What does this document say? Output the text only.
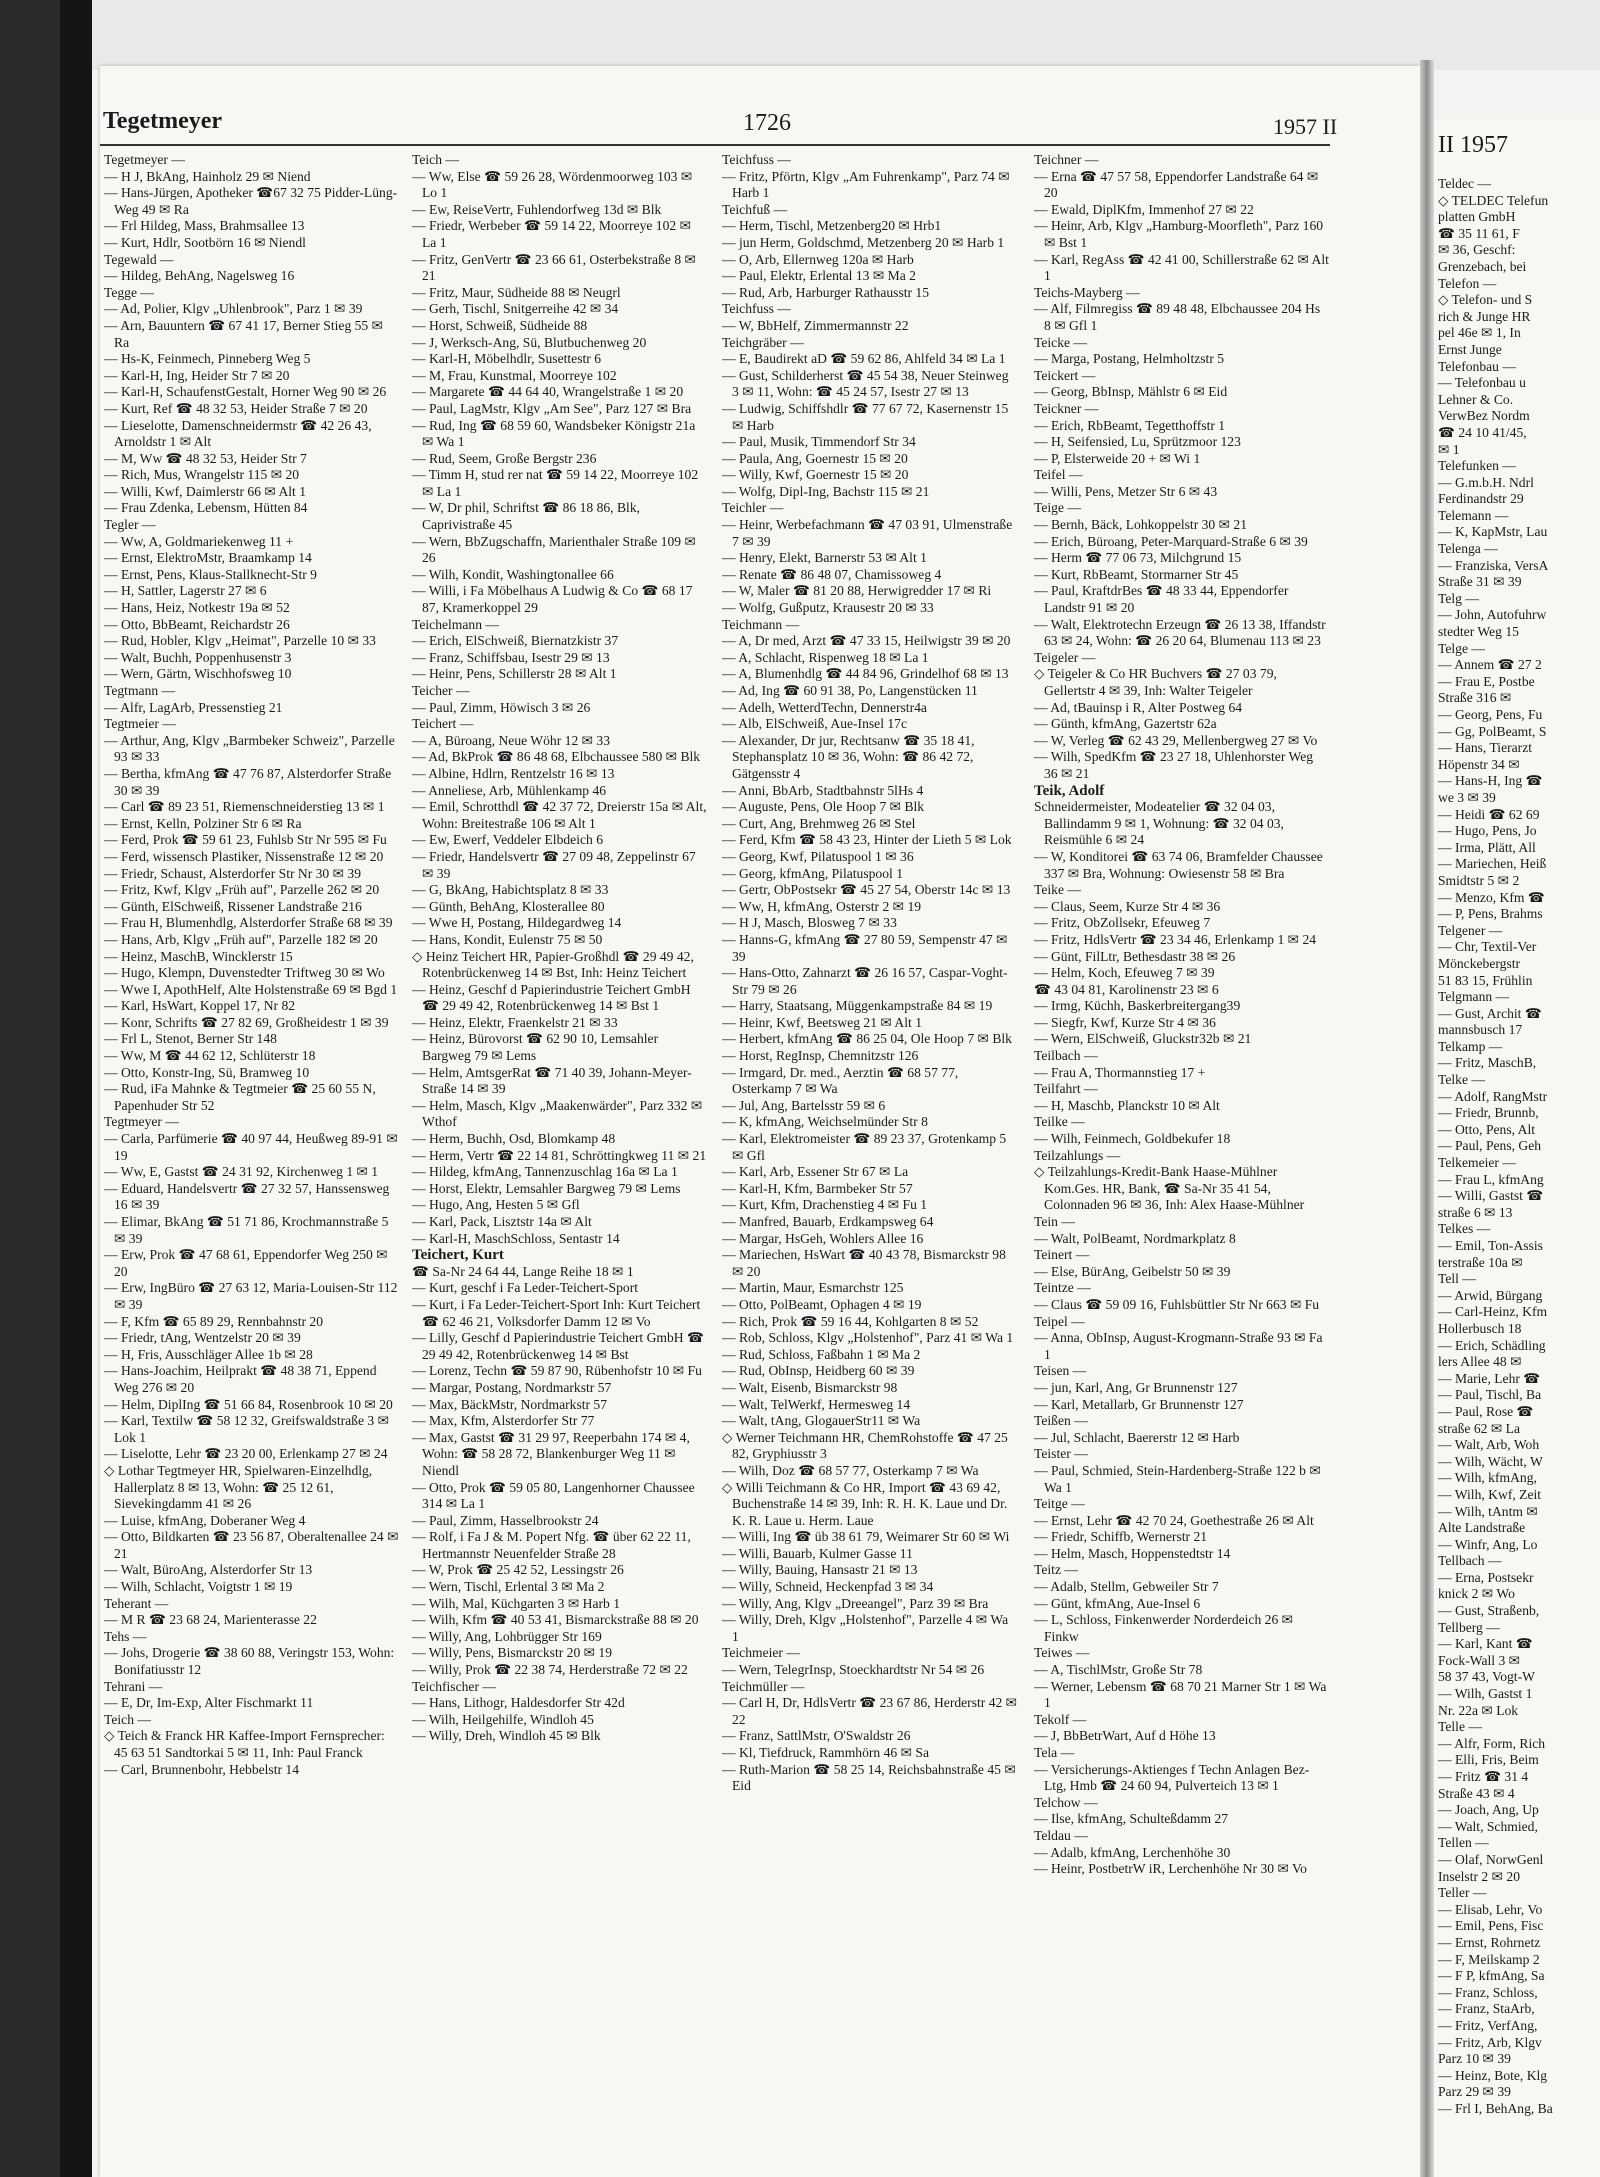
Tegetmeyer	1726	1957 II

Tegetmeyer —

— H J, BkAng, Hainholz 29 ✉ Niend

— Hans-Jürgen, Apotheker ☎67 32 75 Pidder-Lüng-Weg 49 ✉ Ra

— Frl Hildeg, Mass, Brahmsallee 13

— Kurt, Hdlr, Sootbörn 16 ✉ Niendl

Tegewald —

— Hildeg, BehAng, Nagelsweg 16

Tegge —

— Ad, Polier, Klgv „Uhlenbrook", Parz 1 ✉ 39

— Arn, Bauuntern ☎ 67 41 17, Berner Stieg 55 ✉ Ra

— Hs-K, Feinmech, Pinneberg Weg 5

— Karl-H, Ing, Heider Str 7 ✉ 20

— Karl-H, SchaufenstGestalt, Horner Weg 90 ✉ 26

— Kurt, Ref ☎ 48 32 53, Heider Straße 7 ✉ 20

— Lieselotte, Damenschneidermstr ☎ 42 26 43, Arnoldstr 1 ✉ Alt

— M, Ww ☎ 48 32 53, Heider Str 7

— Rich, Mus, Wrangelstr 115 ✉ 20

— Willi, Kwf, Daimlerstr 66 ✉ Alt 1

— Frau Zdenka, Lebensm, Hütten 84

Tegler —

— Ww, A, Goldmariekenweg 11 +

— Ernst, ElektroMstr, Braamkamp 14

— Ernst, Pens, Klaus-Stallknecht-Str 9

— H, Sattler, Lagerstr 27 ✉ 6

— Hans, Heiz, Notkestr 19a ✉ 52

— Otto, BbBeamt, Reichardstr 26

— Rud, Hobler, Klgv „Heimat", Parzelle 10 ✉ 33

— Walt, Buchh, Poppenhusenstr 3

— Wern, Gärtn, Wischhofsweg 10

Tegtmann —

— Alfr, LagArb, Pressenstieg 21

Tegtmeier —

— Arthur, Ang, Klgv „Barmbeker Schweiz", Parzelle 93 ✉ 33

— Bertha, kfmAng ☎ 47 76 87, Alsterdorfer Straße 30 ✉ 39

— Carl ☎ 89 23 51, Riemenschneiderstieg 13 ✉ 1

— Ernst, Kelln, Polziner Str 6 ✉ Ra

— Ferd, Prok ☎ 59 61 23, Fuhlsb Str Nr 595 ✉ Fu

— Ferd, wissensch Plastiker, Nissenstraße 12 ✉ 20

— Friedr, Schaust, Alsterdorfer Str Nr 30 ✉ 39

— Fritz, Kwf, Klgv „Früh auf", Parzelle 262 ✉ 20

— Günth, ElSchweiß, Rissener Landstraße 216

— Frau H, Blumenhdlg, Alsterdorfer Straße 68 ✉ 39

— Hans, Arb, Klgv „Früh auf", Parzelle 182 ✉ 20

— Heinz, MaschB, Wincklerstr 15

— Hugo, Klempn, Duvenstedter Triftweg 30 ✉ Wo

— Wwe I, ApothHelf, Alte Holstenstraße 69 ✉ Bgd 1

— Karl, HsWart, Koppel 17, Nr 82

— Konr, Schrifts ☎ 27 82 69, Großheidestr 1 ✉ 39

— Frl L, Stenot, Berner Str 148

— Ww, M ☎ 44 62 12, Schlüterstr 18

— Otto, Konstr-Ing, Sü, Bramweg 10

— Rud, iFa Mahnke & Tegtmeier ☎ 25 60 55 N, Papenhuder Str 52

Tegtmeyer —

— Carla, Parfümerie ☎ 40 97 44, Heußweg 89-91 ✉ 19

— Ww, E, Gastst ☎ 24 31 92, Kirchenweg 1 ✉ 1

— Eduard, Handelsvertr ☎ 27 32 57, Hanssensweg 16 ✉ 39

— Elimar, BkAng ☎ 51 71 86, Krochmannstraße 5 ✉ 39

— Erw, Prok ☎ 47 68 61, Eppendorfer Weg 250 ✉ 20

— Erw, IngBüro ☎ 27 63 12, Maria-Louisen-Str 112 ✉ 39

— F, Kfm ☎ 65 89 29, Rennbahnstr 20

— Friedr, tAng, Wentzelstr 20 ✉ 39

— H, Fris, Ausschläger Allee 1b ✉ 28

— Hans-Joachim, Heilprakt ☎ 48 38 71, Eppend Weg 276 ✉ 20

— Helm, DiplIng ☎ 51 66 84, Rosenbrook 10 ✉ 20

— Karl, Textilw ☎ 58 12 32, Greifswaldstraße 3 ✉ Lok 1

— Liselotte, Lehr ☎ 23 20 00, Erlenkamp 27 ✉ 24

◇ Lothar Tegtmeyer HR, Spielwaren-Einzelhdlg, Hallerplatz 8 ✉ 13, Wohn: ☎ 25 12 61, Sievekingdamm 41 ✉ 26

— Luise, kfmAng, Doberaner Weg 4

— Otto, Bildkarten ☎ 23 56 87, Oberaltenallee 24 ✉ 21

— Walt, BüroAng, Alsterdorfer Str 13

— Wilh, Schlacht, Voigtstr 1 ✉ 19

Teherant —

— M R ☎ 23 68 24, Marienterasse 22

Tehs —

— Johs, Drogerie ☎ 38 60 88, Veringstr 153, Wohn: Bonifatiusstr 12

Tehrani —

— E, Dr, Im-Exp, Alter Fischmarkt 11

Teich —

◇ Teich & Franck HR Kaffee-Import Fernsprecher: 45 63 51 Sandtorkai 5 ✉ 11, Inh: Paul Franck

— Carl, Brunnenbohr, Hebbelstr 14

Teich —

— Ww, Else ☎ 59 26 28, Wördenmoorweg 103 ✉ Lo 1

— Ew, ReiseVertr, Fuhlendorfweg 13d ✉ Blk

— Friedr, Werbeber ☎ 59 14 22, Moorreye 102 ✉ La 1

— Fritz, GenVertr ☎ 23 66 61, Osterbekstraße 8 ✉ 21

— Fritz, Maur, Südheide 88 ✉ Neugrl

— Gerh, Tischl, Snitgerreihe 42 ✉ 34

— Horst, Schweiß, Südheide 88

— J, Werksch-Ang, Sü, Blutbuchenweg 20

— Karl-H, Möbelhdlr, Susettestr 6

— M, Frau, Kunstmal, Moorreye 102

— Margarete ☎ 44 64 40, Wrangelstraße 1 ✉ 20

— Paul, LagMstr, Klgv „Am See", Parz 127 ✉ Bra

— Rud, Ing ☎ 68 59 60, Wandsbeker Königstr 21a ✉ Wa 1

— Rud, Seem, Große Bergstr 236

— Timm H, stud rer nat ☎ 59 14 22, Moorreye 102 ✉ La 1

— W, Dr phil, Schriftst ☎ 86 18 86, Blk, Caprivistraße 45

— Wern, BbZugschaffn, Marienthaler Straße 109 ✉ 26

— Wilh, Kondit, Washingtonallee 66

— Willi, i Fa Möbelhaus A Ludwig & Co ☎ 68 17 87, Kramerkoppel 29

Teichelmann —

— Erich, ElSchweiß, Biernatzkistr 37

— Franz, Schiffsbau, Isestr 29 ✉ 13

— Heinr, Pens, Schillerstr 28 ✉ Alt 1

Teicher —

— Paul, Zimm, Höwisch 3 ✉ 26

Teichert —

— A, Büroang, Neue Wöhr 12 ✉ 33

— Ad, BkProk ☎ 86 48 68, Elbchaussee 580 ✉ Blk

— Albine, Hdlrn, Rentzelstr 16 ✉ 13

— Anneliese, Arb, Mühlenkamp 46

— Emil, Schrotthdl ☎ 42 37 72, Dreierstr 15a ✉ Alt, Wohn: Breitestraße 106 ✉ Alt 1

— Ew, Ewerf, Veddeler Elbdeich 6

— Friedr, Handelsvertr ☎ 27 09 48, Zeppelinstr 67 ✉ 39

— G, BkAng, Habichtsplatz 8 ✉ 33

— Günth, BehAng, Klosterallee 80

— Wwe H, Postang, Hildegardweg 14

— Hans, Kondit, Eulenstr 75 ✉ 50

◇ Heinz Teichert HR, Papier-Großhdl ☎ 29 49 42, Rotenbrückenweg 14 ✉ Bst, Inh: Heinz Teichert

— Heinz, Geschf d Papierindustrie Teichert GmbH ☎ 29 49 42, Rotenbrückenweg 14 ✉ Bst 1

— Heinz, Elektr, Fraenkelstr 21 ✉ 33

— Heinz, Bürovorst ☎ 62 90 10, Lemsahler Bargweg 79 ✉ Lems

— Helm, AmtsgerRat ☎ 71 40 39, Johann-Meyer-Straße 14 ✉ 39

— Helm, Masch, Klgv „Maakenwärder", Parz 332 ✉ Wthof

— Herm, Buchh, Osd, Blomkamp 48

— Herm, Vertr ☎ 22 14 81, Schröttingkweg 11 ✉ 21

— Hildeg, kfmAng, Tannenzuschlag 16a ✉ La 1

— Horst, Elektr, Lemsahler Bargweg 79 ✉ Lems

— Hugo, Ang, Hesten 5 ✉ Gfl

— Karl, Pack, Lisztstr 14a ✉ Alt

— Karl-H, MaschSchloss, Sentastr 14

Teichert, Kurt

☎ Sa-Nr 24 64 44, Lange Reihe 18 ✉ 1

— Kurt, geschf i Fa Leder-Teichert-Sport

— Kurt, i Fa Leder-Teichert-Sport Inh: Kurt Teichert ☎ 62 46 21, Volksdorfer Damm 12 ✉ Vo

— Lilly, Geschf d Papierindustrie Teichert GmbH ☎ 29 49 42, Rotenbrückenweg 14 ✉ Bst

— Lorenz, Techn ☎ 59 87 90, Rübenhofstr 10 ✉ Fu

— Margar, Postang, Nordmarkstr 57

— Max, BäckMstr, Nordmarkstr 57

— Max, Kfm, Alsterdorfer Str 77

— Max, Gastst ☎ 31 29 97, Reeperbahn 174 ✉ 4, Wohn: ☎ 58 28 72, Blankenburger Weg 11 ✉ Niendl

— Otto, Prok ☎ 59 05 80, Langenhorner Chaussee 314 ✉ La 1

— Paul, Zimm, Hasselbrookstr 24

— Rolf, i Fa J & M. Popert Nfg. ☎ über 62 22 11, Hertmannstr Neuenfelder Straße 28

— W, Prok ☎ 25 42 52, Lessingstr 26

— Wern, Tischl, Erlental 3 ✉ Ma 2

— Wilh, Mal, Küchgarten 3 ✉ Harb 1

— Wilh, Kfm ☎ 40 53 41, Bismarckstraße 88 ✉ 20

— Willy, Ang, Lohbrügger Str 169

— Willy, Pens, Bismarckstr 20 ✉ 19

— Willy, Prok ☎ 22 38 74, Herderstraße 72 ✉ 22

Teichfischer —

— Hans, Lithogr, Haldesdorfer Str 42d

— Wilh, Heilgehilfe, Windloh 45

— Willy, Dreh, Windloh 45 ✉ Blk

Teichfuss —

— Fritz, Pförtn, Klgv „Am Fuhrenkamp", Parz 74 ✉ Harb 1

Teichfuß —

— Herm, Tischl, Metzenberg20 ✉ Hrb1

— jun Herm, Goldschmd, Metzenberg 20 ✉ Harb 1

— O, Arb, Ellernweg 120a ✉ Harb

— Paul, Elektr, Erlental 13 ✉ Ma 2

— Rud, Arb, Harburger Rathausstr 15

Teichfuss —

— W, BbHelf, Zimmermannstr 22

Teichgräber —

— E, Baudirekt aD ☎ 59 62 86, Ahlfeld 34 ✉ La 1

— Gust, Schilderherst ☎ 45 54 38, Neuer Steinweg 3 ✉ 11, Wohn: ☎ 45 24 57, Isestr 27 ✉ 13

— Ludwig, Schiffshdlr ☎ 77 67 72, Kasernenstr 15 ✉ Harb

— Paul, Musik, Timmendorf Str 34

— Paula, Ang, Goernestr 15 ✉ 20

— Willy, Kwf, Goernestr 15 ✉ 20

— Wolfg, Dipl-Ing, Bachstr 115 ✉ 21

Teichler —

— Heinr, Werbefachmann ☎ 47 03 91, Ulmenstraße 7 ✉ 39

— Henry, Elekt, Barnerstr 53 ✉ Alt 1

— Renate ☎ 86 48 07, Chamissoweg 4

— W, Maler ☎ 81 20 88, Herwigredder 17 ✉ Ri

— Wolfg, Gußputz, Krausestr 20 ✉ 33

Teichmann —

— A, Dr med, Arzt ☎ 47 33 15, Heilwigstr 39 ✉ 20

— A, Schlacht, Rispenweg 18 ✉ La 1

— A, Blumenhdlg ☎ 44 84 96, Grindelhof 68 ✉ 13

— Ad, Ing ☎ 60 91 38, Po, Langenstücken 11

— Adelh, WetterdTechn, Dennerstr4a

— Alb, ElSchweiß, Aue-Insel 17c

— Alexander, Dr jur, Rechtsanw ☎ 35 18 41, Stephansplatz 10 ✉ 36, Wohn: ☎ 86 42 72, Gätgensstr 4

— Anni, BbArb, Stadtbahnstr 5lHs 4

— Auguste, Pens, Ole Hoop 7 ✉ Blk

— Curt, Ang, Brehmweg 26 ✉ Stel

— Ferd, Kfm ☎ 58 43 23, Hinter der Lieth 5 ✉ Lok

— Georg, Kwf, Pilatuspool 1 ✉ 36

— Georg, kfmAng, Pilatuspool 1

— Gertr, ObPostsekr ☎ 45 27 54, Oberstr 14c ✉ 13

— Ww, H, kfmAng, Osterstr 2 ✉ 19

— H J, Masch, Blosweg 7 ✉ 33

— Hanns-G, kfmAng ☎ 27 80 59, Sempenstr 47 ✉ 39

— Hans-Otto, Zahnarzt ☎ 26 16 57, Caspar-Voght-Str 79 ✉ 26

— Harry, Staatsang, Müggenkampstraße 84 ✉ 19

— Heinr, Kwf, Beetsweg 21 ✉ Alt 1

— Herbert, kfmAng ☎ 86 25 04, Ole Hoop 7 ✉ Blk

— Horst, RegInsp, Chemnitzstr 126

— Irmgard, Dr. med., Aerztin ☎ 68 57 77, Osterkamp 7 ✉ Wa

— Jul, Ang, Bartelsstr 59 ✉ 6

— K, kfmAng, Weichselmünder Str 8

— Karl, Elektromeister ☎ 89 23 37, Grotenkamp 5 ✉ Gfl

— Karl, Arb, Essener Str 67 ✉ La

— Karl-H, Kfm, Barmbeker Str 57

— Kurt, Kfm, Drachenstieg 4 ✉ Fu 1

— Manfred, Bauarb, Erdkampsweg 64

— Margar, HsGeh, Wohlers Allee 16

— Mariechen, HsWart ☎ 40 43 78, Bismarckstr 98 ✉ 20

— Martin, Maur, Esmarchstr 125

— Otto, PolBeamt, Ophagen 4 ✉ 19

— Rich, Prok ☎ 59 16 44, Kohlgarten 8 ✉ 52

— Rob, Schloss, Klgv „Holstenhof", Parz 41 ✉ Wa 1

— Rud, Schloss, Faßbahn 1 ✉ Ma 2

— Rud, ObInsp, Heidberg 60 ✉ 39

— Walt, Eisenb, Bismarckstr 98

— Walt, TelWerkf, Hermesweg 14

— Walt, tAng, GlogauerStr11 ✉ Wa

◇ Werner Teichmann HR, ChemRohstoffe ☎ 47 25 82, Gryphiusstr 3

— Wilh, Doz ☎ 68 57 77, Osterkamp 7 ✉ Wa

◇ Willi Teichmann & Co HR, Import ☎ 43 69 42, Buchenstraße 14 ✉ 39, Inh: R. H. K. Laue und Dr. K. R. Laue u. Herm. Laue

— Willi, Ing ☎ üb 38 61 79, Weimarer Str 60 ✉ Wi

— Willi, Bauarb, Kulmer Gasse 11

— Willy, Bauing, Hansastr 21 ✉ 13

— Willy, Schneid, Heckenpfad 3 ✉ 34

— Willy, Ang, Klgv „Dreeangel", Parz 39 ✉ Bra

— Willy, Dreh, Klgv „Holstenhof", Parzelle 4 ✉ Wa 1

Teichmeier —

— Wern, TelegrInsp, Stoeckhardtstr Nr 54 ✉ 26

Teichmüller —

— Carl H, Dr, HdlsVertr ☎ 23 67 86, Herderstr 42 ✉ 22

— Franz, SattlMstr, O'Swaldstr 26

— Kl, Tiefdruck, Rammhörn 46 ✉ Sa

— Ruth-Marion ☎ 58 25 14, Reichsbahnstraße 45 ✉ Eid

Teichner —

— Erna ☎ 47 57 58, Eppendorfer Landstraße 64 ✉ 20

— Ewald, DiplKfm, Immenhof 27 ✉ 22

— Heinr, Arb, Klgv „Hamburg-Moorfleth", Parz 160 ✉ Bst 1

— Karl, RegAss ☎ 42 41 00, Schillerstraße 62 ✉ Alt 1

Teichs-Mayberg —

— Alf, Filmregiss ☎ 89 48 48, Elbchaussee 204 Hs 8 ✉ Gfl 1

Teicke —

— Marga, Postang, Helmholtzstr 5

Teickert —

— Georg, BbInsp, Mählstr 6 ✉ Eid

Teickner —

— Erich, RbBeamt, Tegetthoffstr 1

— H, Seifensied, Lu, Sprützmoor 123

— P, Elsterweide 20 + ✉ Wi 1

Teifel —

— Willi, Pens, Metzer Str 6 ✉ 43

Teige —

— Bernh, Bäck, Lohkoppelstr 30 ✉ 21

— Erich, Büroang, Peter-Marquard-Straße 6 ✉ 39

— Herm ☎ 77 06 73, Milchgrund 15

— Kurt, RbBeamt, Stormarner Str 45

— Paul, KraftdrBes ☎ 48 33 44, Eppendorfer Landstr 91 ✉ 20

— Walt, Elektrotechn Erzeugn ☎ 26 13 38, Iffandstr 63 ✉ 24, Wohn: ☎ 26 20 64, Blumenau 113 ✉ 23

Teigeler —

◇ Teigeler & Co HR Buchvers ☎ 27 03 79, Gellertstr 4 ✉ 39, Inh: Walter Teigeler

— Ad, tBauinsp i R, Alter Postweg 64

— Günth, kfmAng, Gazertstr 62a

— W, Verleg ☎ 62 43 29, Mellenbergweg 27 ✉ Vo

— Wilh, SpedKfm ☎ 23 27 18, Uhlenhorster Weg 36 ✉ 21

Teik, Adolf

Schneidermeister, Modeatelier ☎ 32 04 03, Ballindamm 9 ✉ 1, Wohnung: ☎ 32 04 03, Reismühle 6 ✉ 24

— W, Konditorei ☎ 63 74 06, Bramfelder Chaussee 337 ✉ Bra, Wohnung: Owiesenstr 58 ✉ Bra

Teike —

— Claus, Seem, Kurze Str 4 ✉ 36

— Fritz, ObZollsekr, Efeuweg 7

— Fritz, HdlsVertr ☎ 23 34 46, Erlenkamp 1 ✉ 24

— Günt, FilLtr, Bethesdastr 38 ✉ 26

— Helm, Koch, Efeuweg 7 ✉ 39

☎ 43 04 81, Karolinenstr 23 ✉ 6

— Irmg, Küchh, Baskerbreitergang39

— Siegfr, Kwf, Kurze Str 4 ✉ 36

— Wern, ElSchweiß, Gluckstr32b ✉ 21

Teilbach —

— Frau A, Thormannstieg 17 +

Teilfahrt —

— H, Maschb, Planckstr 10 ✉ Alt

Teilke —

— Wilh, Feinmech, Goldbekufer 18

Teilzahlungs —

◇ Teilzahlungs-Kredit-Bank Haase-Mühlner Kom.Ges. HR, Bank, ☎ Sa-Nr 35 41 54, Colonnaden 96 ✉ 36, Inh: Alex Haase-Mühlner

Tein —

— Walt, PolBeamt, Nordmarkplatz 8

Teinert —

— Else, BürAng, Geibelstr 50 ✉ 39

Teintze —

— Claus ☎ 59 09 16, Fuhlsbüttler Str Nr 663 ✉ Fu

Teipel —

— Anna, ObInsp, August-Krogmann-Straße 93 ✉ Fa 1

Teisen —

— jun, Karl, Ang, Gr Brunnenstr 127

— Karl, Metallarb, Gr Brunnenstr 127

Teißen —

— Jul, Schlacht, Baererstr 12 ✉ Harb

Teister —

— Paul, Schmied, Stein-Hardenberg-Straße 122 b ✉ Wa 1

Teitge —

— Ernst, Lehr ☎ 42 70 24, Goethestraße 26 ✉ Alt

— Friedr, Schiffb, Wernerstr 21

— Helm, Masch, Hoppenstedtstr 14

Teitz —

— Adalb, Stellm, Gebweiler Str 7

— Günt, kfmAng, Aue-Insel 6

— L, Schloss, Finkenwerder Norderdeich 26 ✉ Finkw

Teiwes —

— A, TischlMstr, Große Str 78

— Werner, Lebensm ☎ 68 70 21 Marner Str 1 ✉ Wa 1

Tekolf —

— J, BbBetrWart, Auf d Höhe 13

Tela —

— Versicherungs-Aktienges f Techn Anlagen Bez-Ltg, Hmb ☎ 24 60 94, Pulverteich 13 ✉ 1

Telchow —

— Ilse, kfmAng, Schulteßdamm 27

Teldau —

— Adalb, kfmAng, Lerchenhöhe 30

— Heinr, PostbetrW iR, Lerchenhöhe Nr 30 ✉ Vo

II 1957

Teldec —

◇ TELDEC Telefun

platten GmbH

☎ 35 11 61, F

✉ 36, Geschf:

Grenzebach, bei

Telefon —

◇ Telefon- und S

rich & Junge HR

pel 46e ✉ 1, In

Ernst Junge

Telefonbau —

— Telefonbau u

Lehner & Co.

VerwBez Nordm

☎ 24 10 41/45,

✉ 1

Telefunken —

— G.m.b.H. Ndrl

Ferdinandstr 29

Telemann —

— K, KapMstr, Lau

Telenga —

— Franziska, VersA

Straße 31 ✉ 39

Telg —

— John, Autofuhrw

stedter Weg 15

Telge —

— Annem ☎ 27 2

— Frau E, Postbe

Straße 316 ✉

— Georg, Pens, Fu

— Gg, PolBeamt, S

— Hans, Tierarzt

Höpenstr 34 ✉

— Hans-H, Ing ☎

we 3 ✉ 39

— Heidi ☎ 62 69

— Hugo, Pens, Jo

— Irma, Plätt, All

— Mariechen, Heiß

Smidtstr 5 ✉ 2

— Menzo, Kfm ☎

— P, Pens, Brahms

Telgener —

— Chr, Textil-Ver

Mönckebergstr

51 83 15, Frühlin

Telgmann —

— Gust, Archit ☎

mannsbusch 17

Telkamp —

— Fritz, MaschB,

Telke —

— Adolf, RangMstr

— Friedr, Brunnb,

— Otto, Pens, Alt

— Paul, Pens, Geh

Telkemeier —

— Frau L, kfmAng

— Willi, Gastst ☎

straße 6 ✉ 13

Telkes —

— Emil, Ton-Assis

terstraße 10a ✉

Tell —

— Arwid, Bürgang

— Carl-Heinz, Kfm

Hollerbusch 18

— Erich, Schädling

lers Allee 48 ✉

— Marie, Lehr ☎

— Paul, Tischl, Ba

— Paul, Rose ☎

straße 62 ✉ La

— Walt, Arb, Woh

— Wilh, Wächt, W

— Wilh, kfmAng,

— Wilh, Kwf, Zeit

— Wilh, tAntm ✉

Alte Landstraße

— Winfr, Ang, Lo

Tellbach —

— Erna, Postsekr

knick 2 ✉ Wo

— Gust, Straßenb,

Tellberg —

— Karl, Kant ☎

Fock-Wall 3 ✉

58 37 43, Vogt-W

— Wilh, Gastst 1

Nr. 22a ✉ Lok

Telle —

— Alfr, Form, Rich

— Elli, Fris, Beim

— Fritz ☎ 31 4

Straße 43 ✉ 4

— Joach, Ang, Up

— Walt, Schmied,

Tellen —

— Olaf, NorwGenl

Inselstr 2 ✉ 20

Teller —

— Elisab, Lehr, Vo

— Emil, Pens, Fisc

— Ernst, Rohrnetz

— F, Meilskamp 2

— F P, kfmAng, Sa

— Franz, Schloss,

— Franz, StaArb,

— Fritz, VerfAng,

— Fritz, Arb, Klgv

Parz 10 ✉ 39

— Heinz, Bote, Klg

Parz 29 ✉ 39

— Frl I, BehAng, Ba
